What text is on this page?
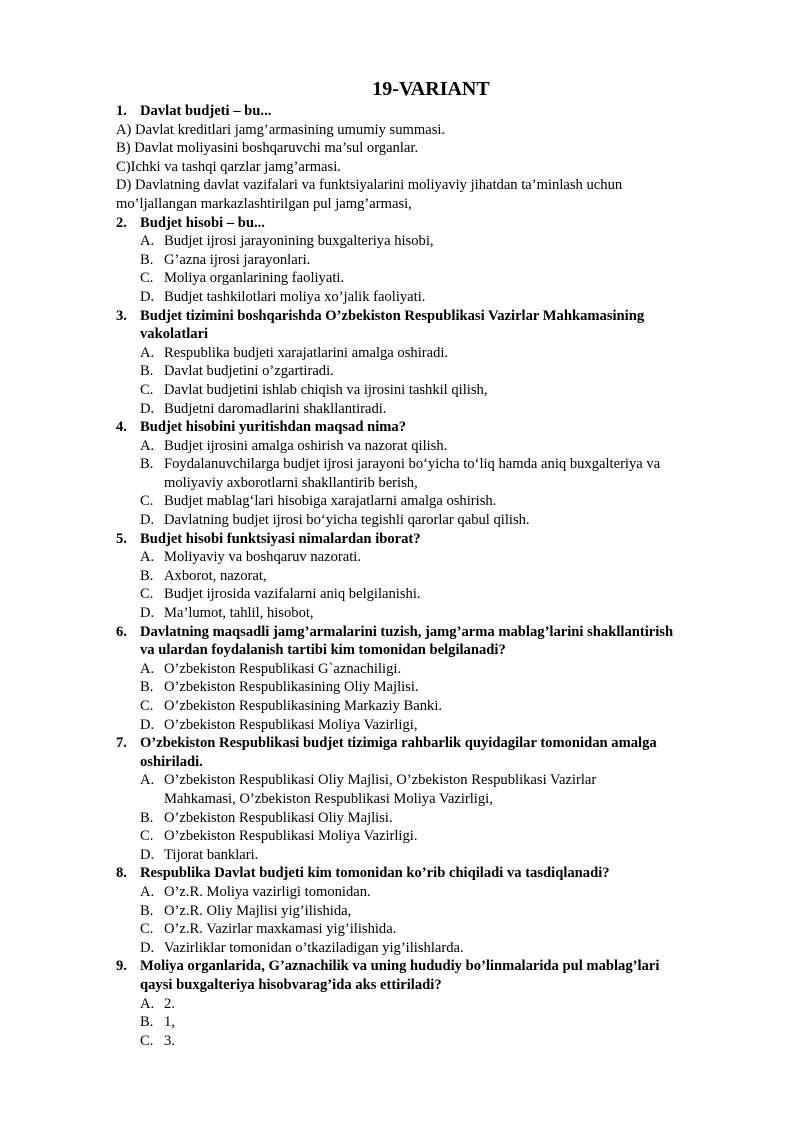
19-VARIANT
1. Davlat budjeti – bu...
A) Davlat kreditlari jamg’armasining umumiy summasi.
B) Davlat moliyasini boshqaruvchi ma’sul organlar.
C)Ichki va tashqi qarzlar jamg’armasi.
D) Davlatning davlat vazifalari va funktsiyalarini moliyaviy jihatdan ta’minlash uchun
mo’ljallangan markazlashtirilgan pul jamg’armasi,
2. Budjet hisobi – bu...
A. Budjet ijrosi jarayonining buxgalteriya hisobi,
B. G’azna ijrosi jarayonlari.
C. Moliya organlarining faoliyati.
D. Budjet tashkilotlari moliya xo’jalik faoliyati.
3. Budjet tizimini boshqarishda O’zbekiston Respublikasi Vazirlar Mahkamasining
vakolatlari
A. Respublika budjeti xarajatlarini amalga oshiradi.
B. Davlat budjetini o’zgartiradi.
C. Davlat budjetini ishlab chiqish va ijrosini tashkil qilish,
D. Budjetni daromadlarini shakllantiradi.
4. Budjet hisobini yuritishdan maqsad nima?
A. Budjet ijrosini amalga oshirish va nazorat qilish.
B. Foydalanuvchilarga budjet ijrosi jarayoni bo‘yicha to‘liq hamda aniq buxgalteriya va
moliyaviy axborotlarni shakllantirib berish,
C. Budjet mablag‘lari hisobiga xarajatlarni amalga oshirish.
D. Davlatning budjet ijrosi bo‘yicha tegishli qarorlar qabul qilish.
5. Budjet hisobi funktsiyasi nimalardan iborat?
A. Moliyaviy va boshqaruv nazorati.
B. Axborot, nazorat,
C. Budjet ijrosida vazifalarni aniq belgilanishi.
D. Ma’lumot, tahlil, hisobot,
6. Davlatning maqsadli jamg’armalarini tuzish, jamg’arma mablag’larini shakllantirish
va ulardan foydalanish tartibi kim tomonidan belgilanadi?
A. O’zbekiston Respublikasi G`aznachiligi.
B. O’zbekiston Respublikasining Oliy Majlisi.
C. O’zbekiston Respublikasining Markaziy Banki.
D. O’zbekiston Respublikasi Moliya Vazirligi,
7. O’zbekiston Respublikasi budjet tizimiga rahbarlik quyidagilar tomonidan amalga
oshiriladi.
A. O’zbekiston Respublikasi Oliy Majlisi, O’zbekiston Respublikasi Vazirlar
Mahkamasi, O’zbekiston Respublikasi Moliya Vazirligi,
B. O’zbekiston Respublikasi Oliy Majlisi.
C. O’zbekiston Respublikasi Moliya Vazirligi.
D. Tijorat banklari.
8. Respublika Davlat budjeti kim tomonidan ko’rib chiqiladi va tasdiqlanadi?
A. O’z.R. Moliya vazirligi tomonidan.
B. O’z.R. Oliy Majlisi yig’ilishida,
C. O’z.R. Vazirlar maxkamasi yig’ilishida.
D. Vazirliklar tomonidan o’tkaziladigan yig’ilishlarda.
9. Moliya organlarida, G’aznachilik va uning hududiy bo’linmalarida pul mablag’lari
qaysi buxgalteriya hisobvarag’ida aks ettiriladi?
A. 2.
B. 1,
C. 3.
